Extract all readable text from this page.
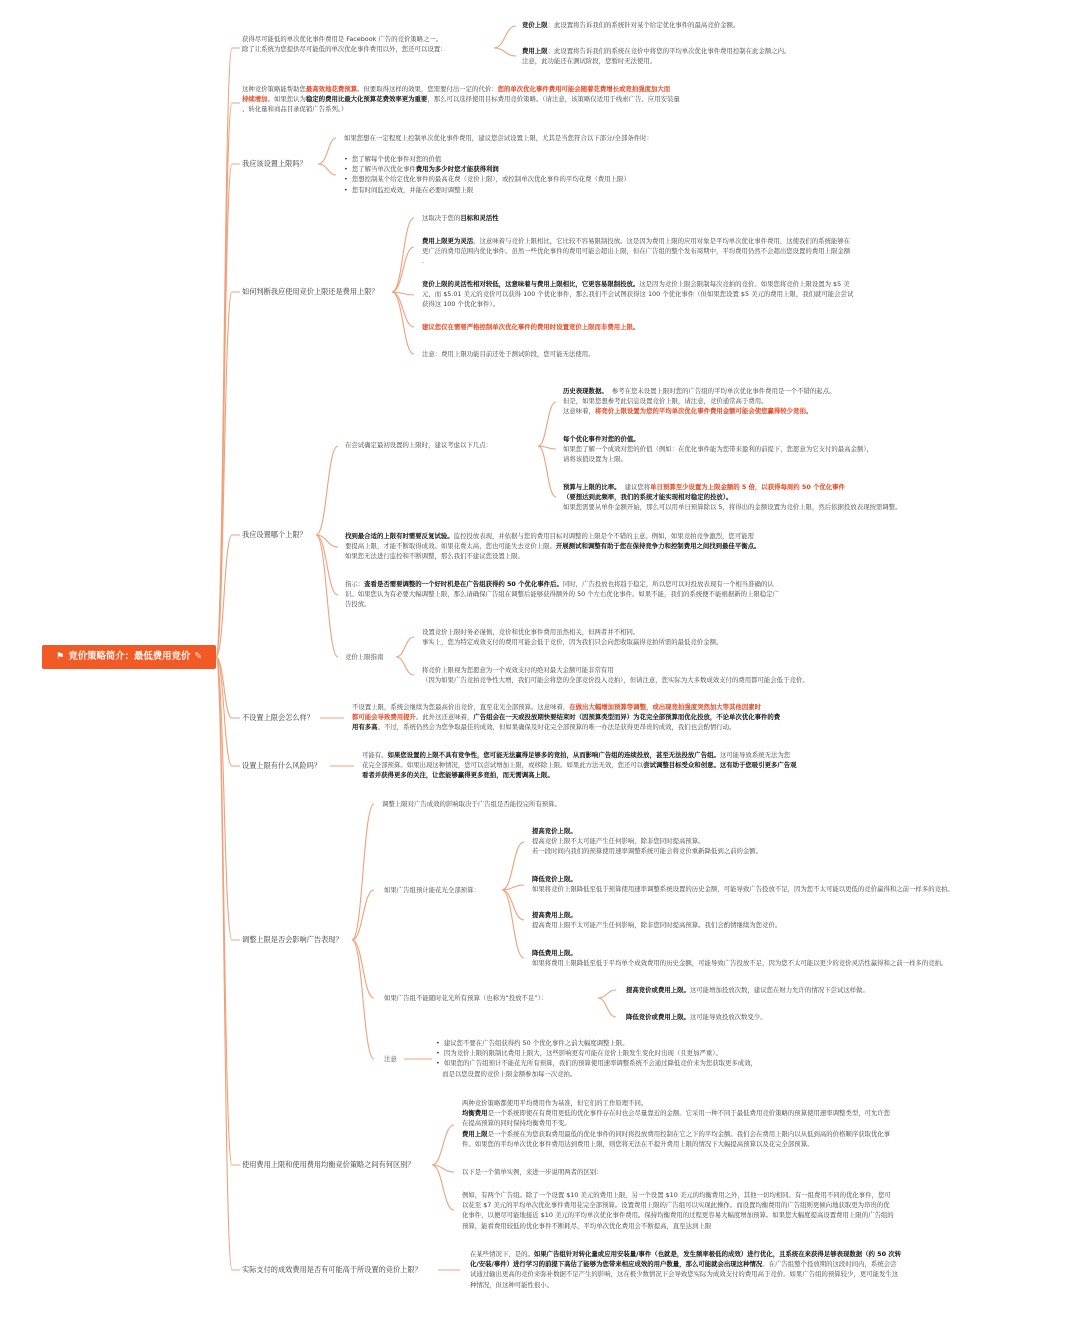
⚑ 竞价策略简介：最低费用竞价 ✎
获得尽可能低的单次优化事件费用是 Facebook 广告的竞价策略之一。
除了让系统为您提供尽可能低的单次优化事件费用以外，您还可以设置：
竞价上限：此设置将告诉我们的系统针对某个给定优化事件的最高竞价金额。
费用上限：此设置将告诉我们的系统在竞价中将您的平均单次优化事件费用控制在此金额之内。
注意，此功能还在测试阶段，您暂时无法使用。
这种竞价策略能帮助您最高效地花费预算。但要取得这样的效果，您需要付出一定的代价：您的单次优化事件费用可能会随着花费增长或竞拍强度加大而
持续增加。如果您认为稳定的费用比最大化预算花费效率更为重要，那么可以选择使用目标费用竞价策略。（请注意，该策略仅适用于线索广告、应用安装量
、转化量和商品目录促销广告系列。）
我应该设置上限吗？
如果您想在一定程度上控制单次优化事件费用，建议您尝试设置上限，尤其是当您符合以下部分/全部条件时：
•  您了解每个优化事件对您的价值
•  您了解当单次优化事件费用为多少时您才能获得利润
•  您想控制某个给定优化事件的最高花费（竞价上限），或控制单次优化事件的平均花费（费用上限）
•  您有时间监控成效，并能在必要时调整上限
如何判断我应使用竞价上限还是费用上限？
这取决于您的目标和灵活性
费用上限更为灵活。这意味着与竞价上限相比，它比较不容易限制投放。这是因为费用上限的应用对象是平均单次优化事件费用，这使我们的系统能够在
更广泛的费用范围内优化事件。虽然一些优化事件的费用可能会超出上限，但在广告组的整个发布周期中，平均费用仍然不会超出您设置的费用上限金额
.
竞价上限的灵活性相对较低，这意味着与费用上限相比，它更容易限制投放。这是因为竞价上限会限制每次竞拍的竞价。如果您将竞价上限设置为 $5 美
元，而 $5.01 美元的竞价可以获得 100 个优化事件，那么我们不会试图获得这 100 个优化事件（但如果您设置 $5 美元的费用上限，我们就可能会尝试
获得这 100 个优化事件）。
建议您仅在需要严格控制单次优化事件的费用时设置竞价上限而非费用上限。
注意：费用上限功能目前还处于测试阶段，您可能无法使用。
我应设置哪个上限？
在尝试确定最初设置的上限时，建议考虑以下几点：
历史表现数据。 参考在您未设置上限时您的广告组的平均单次优化事件费用是一个不错的起点。
但是，如果您想参考此信息设置竞价上限，请注意，竞价通常高于费用。
这意味着，将竞价上限设置为您的平均单次优化事件费用金额可能会使您赢得较少竞拍。
每个优化事件对您的价值。
如果您了解一个成效对您的价值（例如：在优化事件能为您带来盈利的前提下，您愿意为它支付的最高金额），
请将该值设置为上限。
预算与上限的比率。 建议您将单日预算至少设置为上限金额的 5 倍，以获得每周约 50 个优化事件
（要想达到此频率，我们的系统才能实现相对稳定的投放）。
如果您需要从单件金额开始，那么可以用单日预算除以 5，将得出的金额设置为竞价上限，然后依据投放表现按需调整。
找到最合适的上限有时需要反复试验。监控投放表现，并依据与您的费用目标对调整的上限是个不错的主意。例如，如果竞拍竞争激烈，您可能需
要提高上限，才能不断取得成效。如果花费太高，您也可能失去竞价上限。开展测试和调整有助于您在保持竞争力和控制费用之间找到最佳平衡点。
如果您无法进行监控和不断调整，那么我们不建议您设置上限。
指示：查看是否需要调整的一个好时机是在广告组获得约 50 个优化事件后。同时，广告投放也将趋于稳定，所以您可以对投放表现有一个相当准确的认
识。如果您认为有必要大幅调整上限，那么请确保广告组在调整后能够获得额外的 50 个左右优化事件。如果不能，我们的系统便不能根据新的上限稳定广
告投放。
竞价上限指南
设置竞价上限时务必谨慎，竞价和优化事件费用虽然相关，但两者并不相同。
事实上，您为特定成效支付的费用可能会低于竞价，因为我们只会向您收取赢得竞拍所需的最低竞价金额。
将竞价上限视为您愿意为一个成效支付的绝对最大金额可能非常有用
（因为如果广告竞拍竞争性大增，我们可能会将您的全部竞价投入竞拍），但请注意，您实际为大多数成效支付的费用都可能会低于竞价。
不设置上限会怎么样？
不设置上限，系统会继续为您最高价出竞价，直至花光全部预算。这意味着，在做出大幅增加预算等调整，或出现竞拍强度突然加大等其他因素时
都可能会导致费用提升。此外这还意味着，广告组会在一天或投放期快要结束时（因预算类型而异）为花完全部预算而优化投放，不论单次优化事件的费
用有多高。不过，系统仍然会为您争取最佳的成效，但如果确保及时花完全部预算的唯一办法是获得更昂贵的成效，我们也会酌情行动。
设置上限有什么风险吗？
可能有。如果您设置的上限不具有竞争性，您可能无法赢得足够多的竞拍，从而影响广告组的连续投放，甚至无法投放广告组。这可能导致系统无法为您
花完全部预算。如果出现这种情况，您可以尝试增加上限，或移除上限。如果此方法无效，您还可以尝试调整目标受众和创意。这有助于您吸引更多广告观
看者并获得更多的关注，让您能够赢得更多竞拍，而无需调高上限。
调整上限是否会影响广告表现？
调整上限对广告成效的影响取决于广告组是否能投完所有预算。
如果广告组预计能花光全部预算：
提高竞价上限。
提高竞价上限不太可能产生任何影响，除非您同时提高预算。
若一段时间内我们的预算使用速率调整系统可能会将竞价重新降低到之前的金额。
降低竞价上限。
如果将竞价上限降低至低于预算使用速率调整系统设置的历史金额，可能导致广告投放不足，因为您不太可能以更低的竞价赢得和之前一样多的竞拍。
提高费用上限。
提高费用上限不太可能产生任何影响，除非您同时提高预算。我们会酌情继续为您竞价。
降低费用上限。
如果将费用上限降低至低于平均单个成效费用的历史金额，可能导致广告投放不足，因为您不太可能以更少的竞价灵活性赢得和之前一样多的竞拍。
如果广告组不能随时花光所有预算（也称为“投放不足”）：
提高竞价或费用上限。这可能增加投放次数，建议您在财力允许的情况下尝试这样做。
降低竞价或费用上限。这可能导致投放次数变少。
注意
•  建议您不要在广告组获得约 50 个优化事件之前大幅度调整上限。
•  因为竞价上限的限制比费用上限大，这些影响更有可能在竞价上限发生变化时出现（且更加严重）。
•  如果您的广告组预计不能花光所有预算，我们的预算使用速率调整系统不会通过降低竞价来为您获取更多成效，
而是以您设置的竞价上限金额参加每一次竞拍。
使用费用上限和使用费用均衡竞价策略之间有何区别？
两种竞价策略都使用平均费用作为基准，但它们的工作原理不同。
均衡费用是一个系统即使在有费用更低的优化事件存在时也会尽量靠近的金额。它采用一种不同于最低费用竞价策略的预算使用速率调整类型，可允许您
在提高预算的同时保持均衡费用不变。
费用上限是一个系统在为您获取费用最低的优化事件的同时将投放费用控制在它之下的平均金额。我们会在费用上限内以从低到高的价格顺序获取优化事
件。如果您的平均单次优化事件费用达到费用上限，则您将无法在不提升费用上限的情况下大幅提高预算以及花完全部预算。
以下是一个简单实例，来进一步说明两者的区别：
例如，有两个广告组。除了一个设置 $10 美元的费用上限，另一个设置 $10 美元的均衡费用之外，其他一切均相同。有一组费用不同的优化事件，您可
以花至 $7 美元的平均单次优化事件费用花完全部预算。设置费用上限的广告组可以实现此操作。而设置均衡费用的广告组则更倾向地获取更为昂贵的优
化事件，以便尽可能地接近 $10 美元的平均单次优化事件费用。保持均衡费用的过程更容易大幅度增加预算。如果您大幅度提高设置费用上限的广告组的
预算，能看费用较低的优化事件不断耗尽，平均单次优化费用会不断提高，直至达到上限
实际支付的成效费用是否有可能高于所设置的竞价上限？
在某些情况下，是的。如果广告组针对转化量或应用安装量/事件（也就是，发生频率极低的成效）进行优化，且系统在来获得足够表现数据（约 50 次转
化/安装/事件）进行学习的前提下高估了能够为您带来相应成效的用户数量，那么可能就会出现这种情况。在广告组整个投放期的这段时间内，系统会尝
试通过输出更高的竞价来弥补数据不足产生的影响，这在极少数情况下会导致您实际为成效支付的费用高于竞价。如果广告组的预算较少，更可能发生这
种情况，但这种可能性很小。
